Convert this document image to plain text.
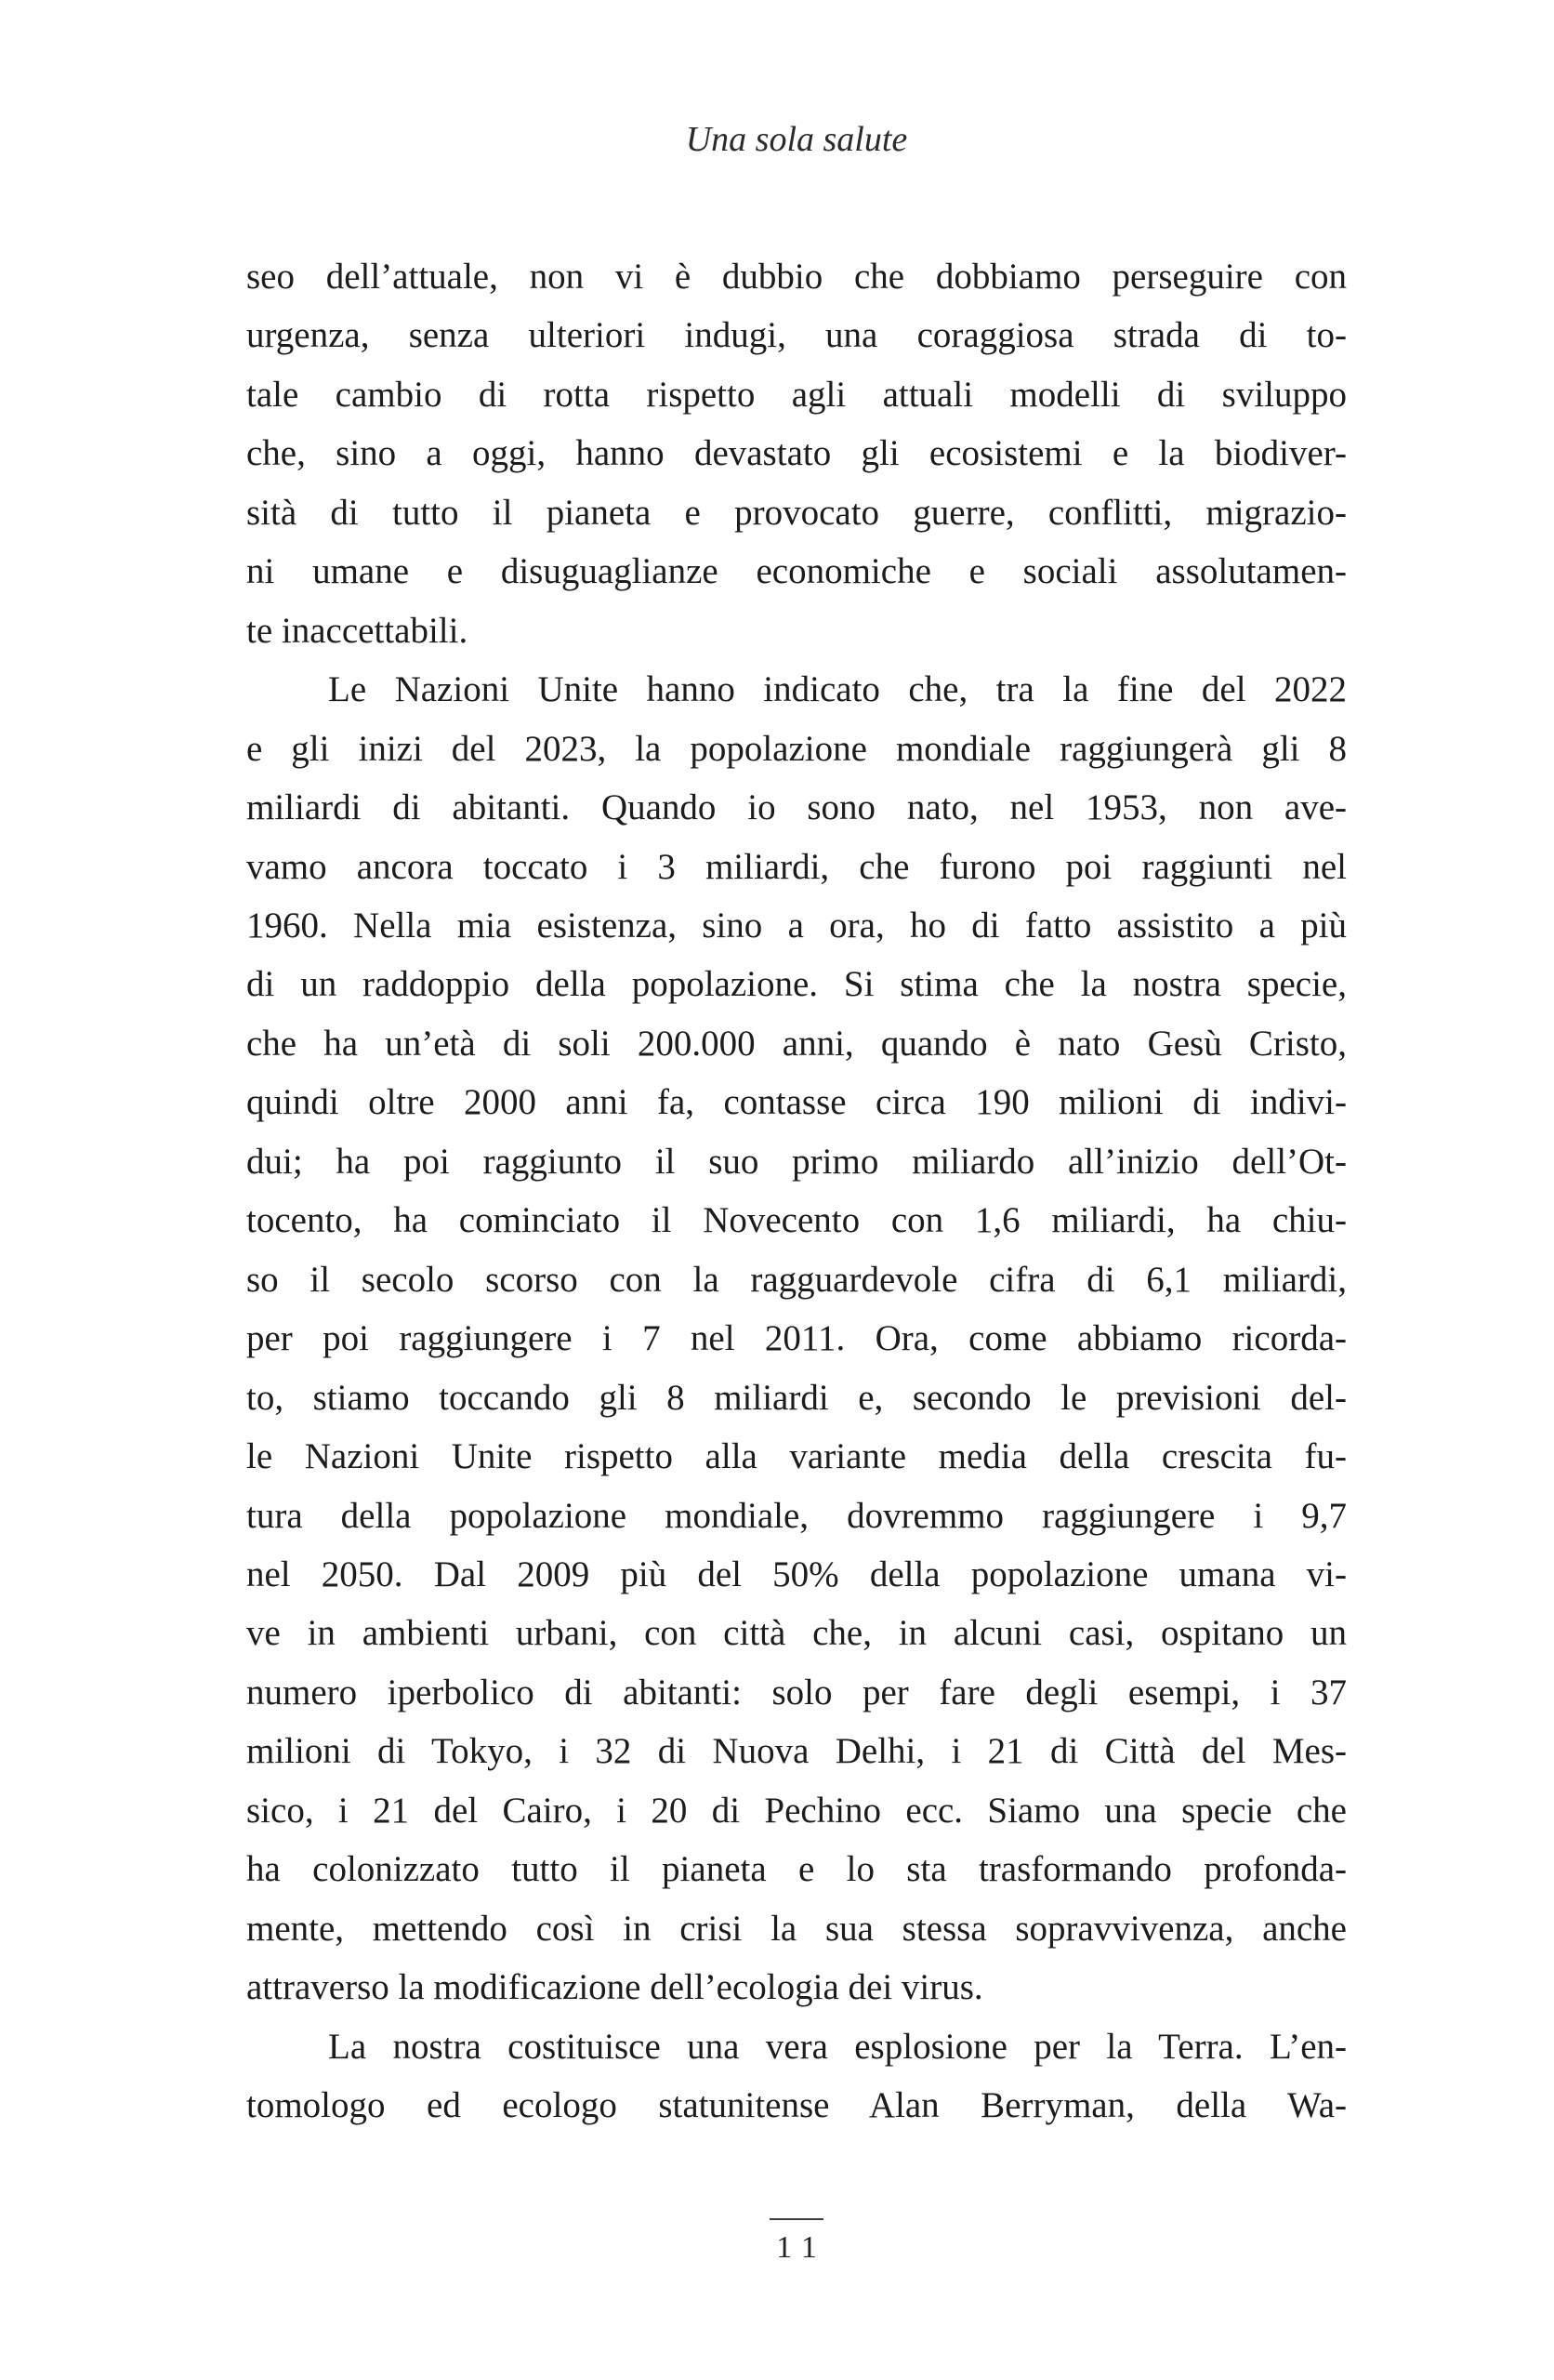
Una sola salute
seo dell’attuale, non vi è dubbio che dobbiamo perseguire con
urgenza, senza ulteriori indugi, una coraggiosa strada di to-
tale cambio di rotta rispetto agli attuali modelli di sviluppo
che, sino a oggi, hanno devastato gli ecosistemi e la biodiver-
sità di tutto il pianeta e provocato guerre, conflitti, migrazio-
ni umane e disuguaglianze economiche e sociali assolutamen-
te inaccettabili.
Le Nazioni Unite hanno indicato che, tra la fine del 2022
e gli inizi del 2023, la popolazione mondiale raggiungerà gli 8
miliardi di abitanti. Quando io sono nato, nel 1953, non ave-
vamo ancora toccato i 3 miliardi, che furono poi raggiunti nel
1960. Nella mia esistenza, sino a ora, ho di fatto assistito a più
di un raddoppio della popolazione. Si stima che la nostra specie,
che ha un’età di soli 200.000 anni, quando è nato Gesù Cristo,
quindi oltre 2000 anni fa, contasse circa 190 milioni di indivi-
dui; ha poi raggiunto il suo primo miliardo all’inizio dell’Ot-
tocento, ha cominciato il Novecento con 1,6 miliardi, ha chiu-
so il secolo scorso con la ragguardevole cifra di 6,1 miliardi,
per poi raggiungere i 7 nel 2011. Ora, come abbiamo ricorda-
to, stiamo toccando gli 8 miliardi e, secondo le previsioni del-
le Nazioni Unite rispetto alla variante media della crescita fu-
tura della popolazione mondiale, dovremmo raggiungere i 9,7
nel 2050. Dal 2009 più del 50% della popolazione umana vi-
ve in ambienti urbani, con città che, in alcuni casi, ospitano un
numero iperbolico di abitanti: solo per fare degli esempi, i 37
milioni di Tokyo, i 32 di Nuova Delhi, i 21 di Città del Mes-
sico, i 21 del Cairo, i 20 di Pechino ecc. Siamo una specie che
ha colonizzato tutto il pianeta e lo sta trasformando profonda-
mente, mettendo così in crisi la sua stessa sopravvivenza, anche
attraverso la modificazione dell’ecologia dei virus.
La nostra costituisce una vera esplosione per la Terra. L’en-
tomologo ed ecologo statunitense Alan Berryman, della Wa-
11
